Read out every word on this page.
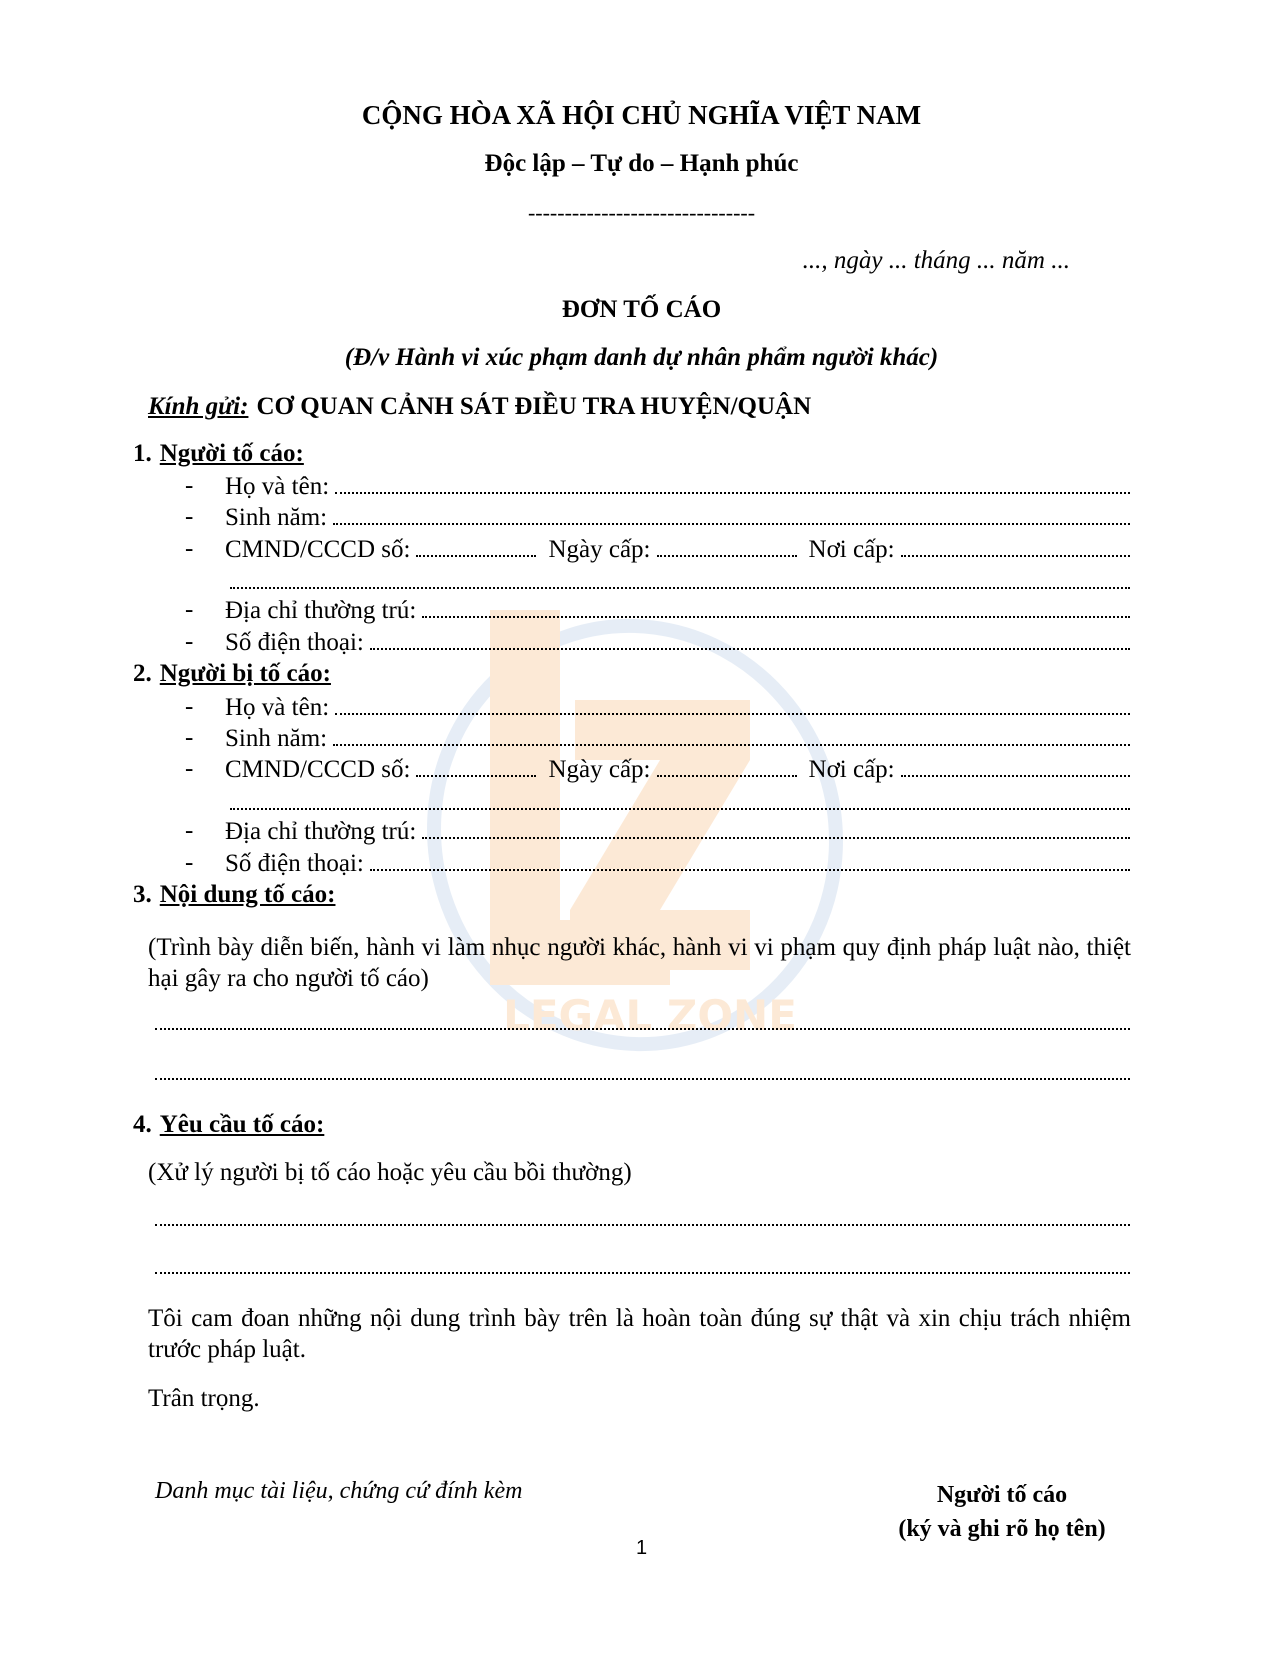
LEGAL ZONE
CỘNG HÒA XÃ HỘI CHỦ NGHĨA VIỆT NAM
Độc lập – Tự do – Hạnh phúc
-------------------------------
..., ngày ... tháng ... năm ...
ĐƠN TỐ CÁO
(Đ/v Hành vi xúc phạm danh dự nhân phẩm người khác)
Kính gửi: CƠ QUAN CẢNH SÁT ĐIỀU TRA HUYỆN/QUẬN
1. Người tố cáo:
- Họ và tên:
- Sinh năm:
- CMND/CCCD số:	Ngày cấp:	Nơi cấp:
- Địa chỉ thường trú:
- Số điện thoại:
2. Người bị tố cáo:
- Họ và tên:
- Sinh năm:
- CMND/CCCD số:	Ngày cấp:	Nơi cấp:
- Địa chỉ thường trú:
- Số điện thoại:
3. Nội dung tố cáo:
(Trình bày diễn biến, hành vi làm nhục người khác, hành vi vi phạm quy định pháp luật nào, thiệt hại gây ra cho người tố cáo)
4. Yêu cầu tố cáo:
(Xử lý người bị tố cáo hoặc yêu cầu bồi thường)
Tôi cam đoan những nội dung trình bày trên là hoàn toàn đúng sự thật và xin chịu trách nhiệm trước pháp luật.
Trân trọng.
Danh mục tài liệu, chứng cứ đính kèm	Người tố cáo
(ký và ghi rõ họ tên)
1
